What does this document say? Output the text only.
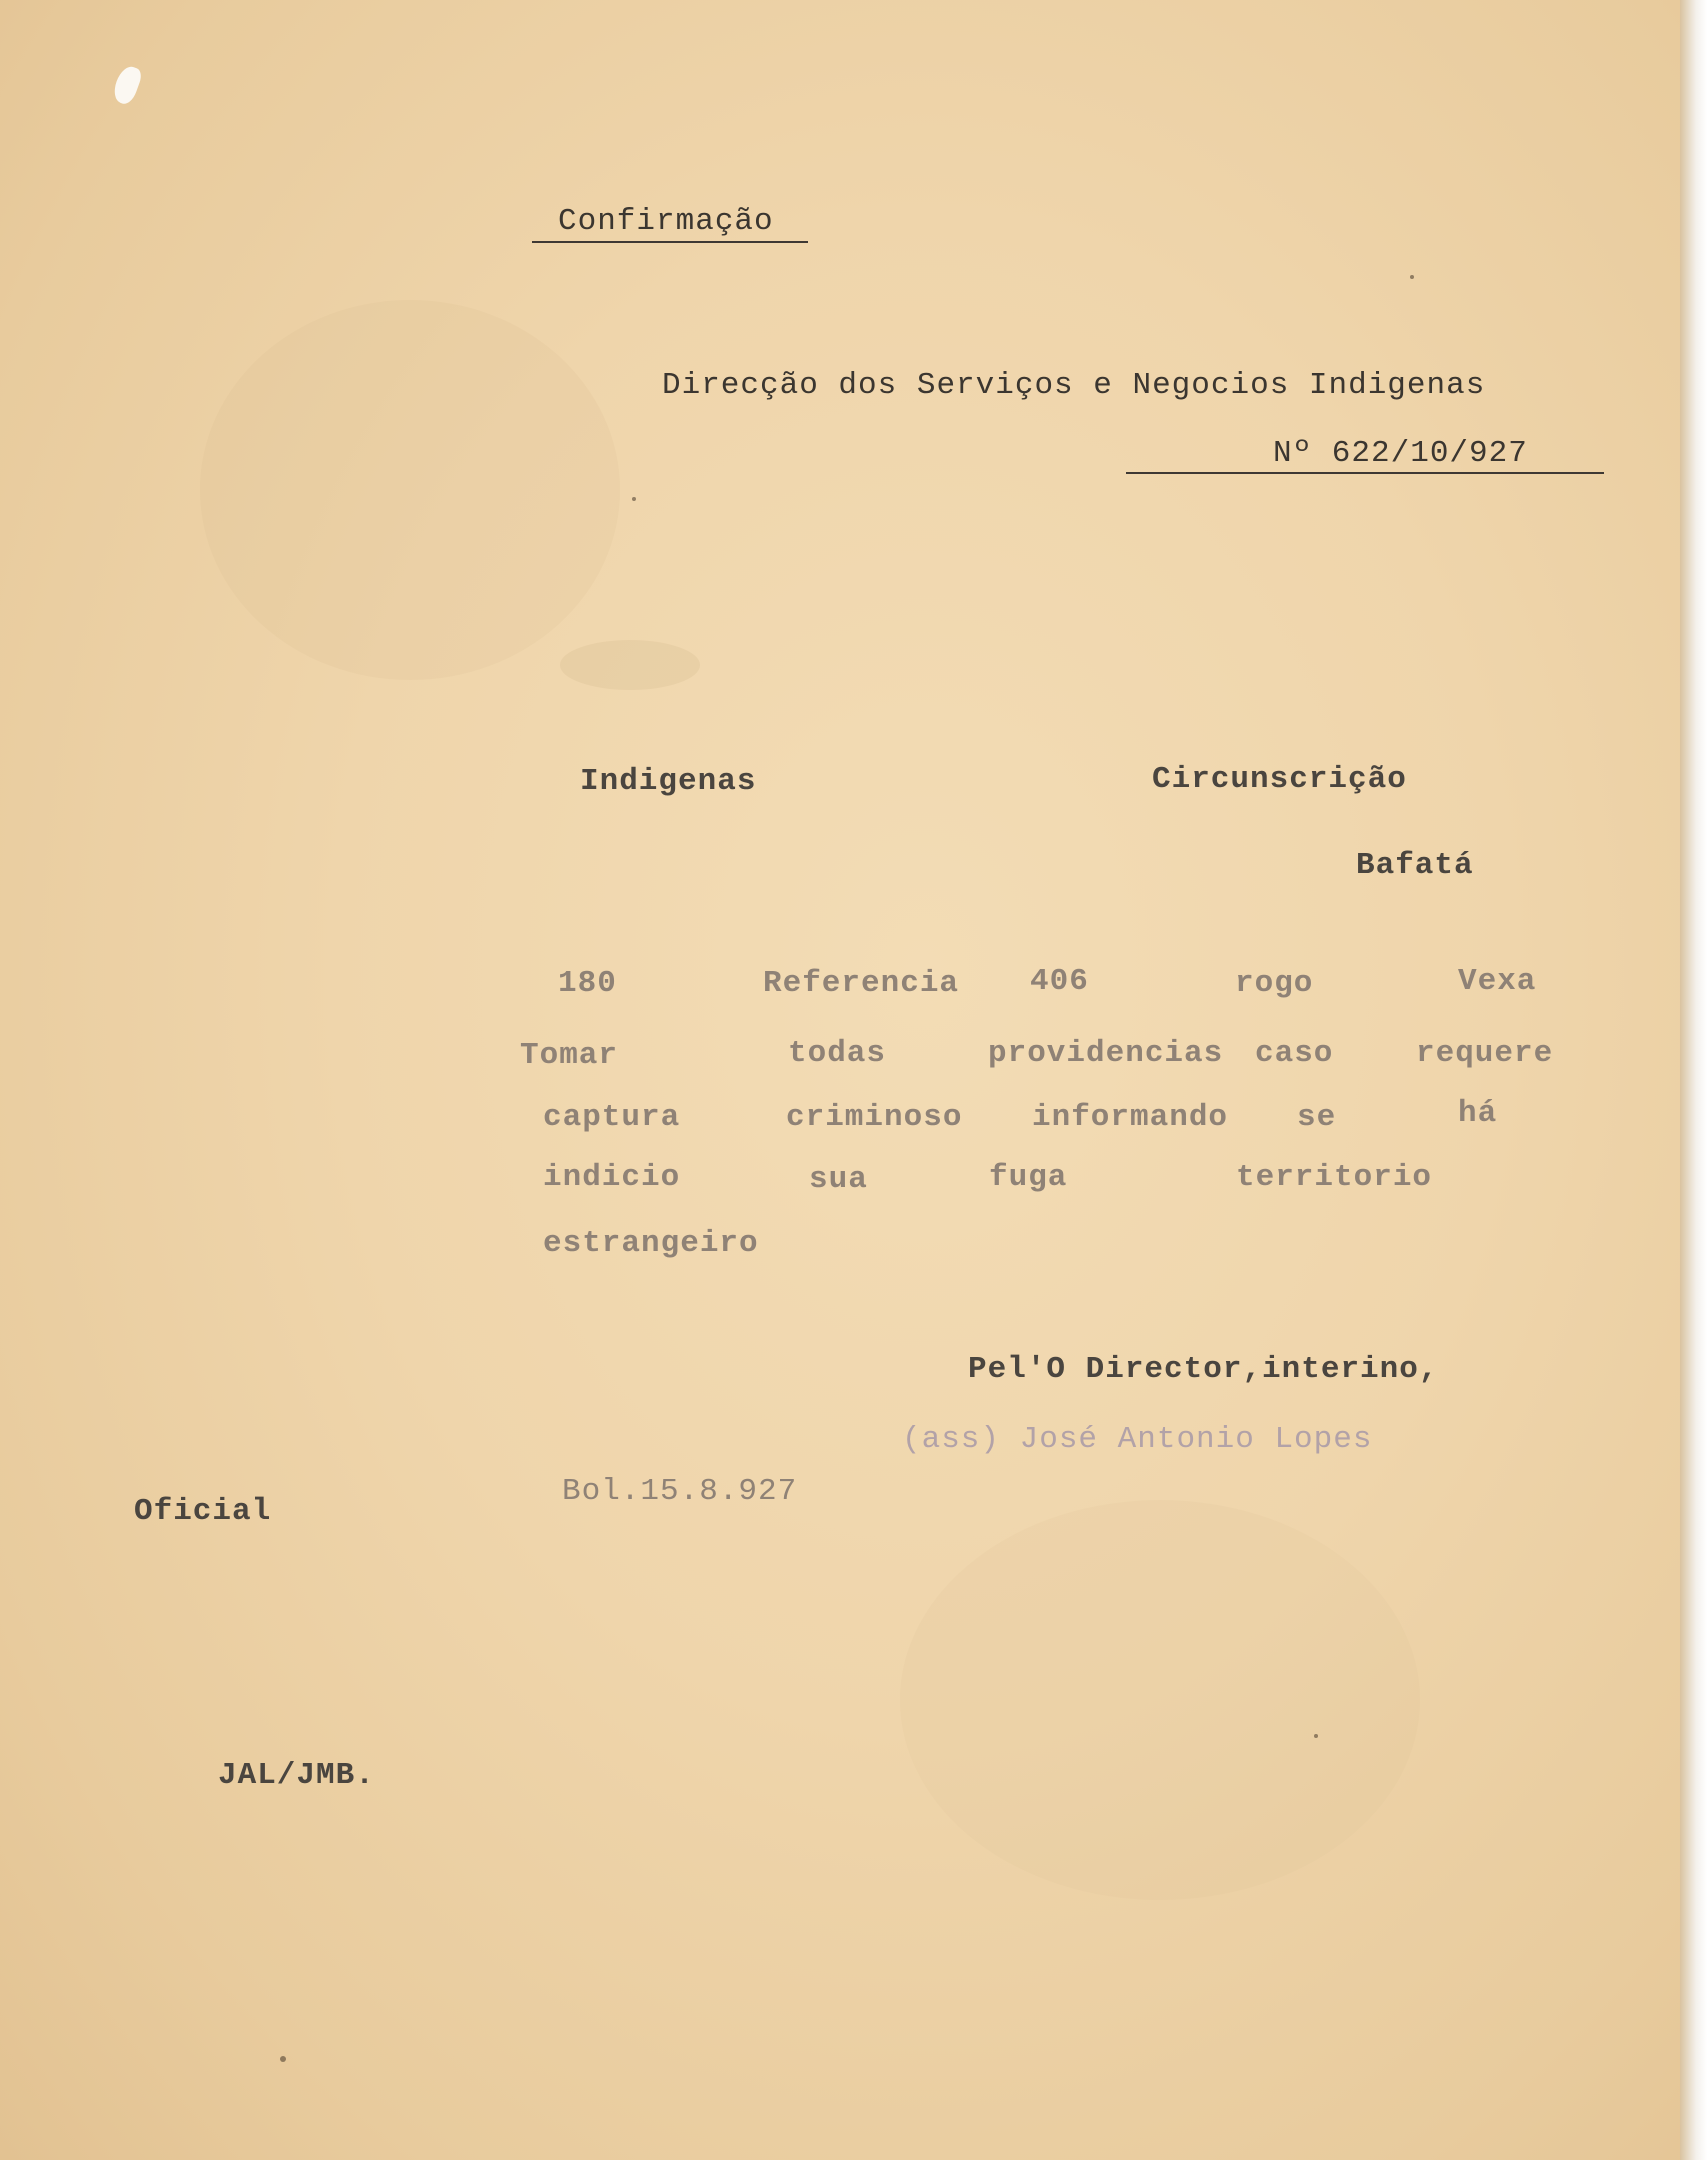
Confirmação
Direcção dos Serviços e Negocios Indigenas
Nº 622/10/927
Indigenas	Circunscrição
Bafatá
180	Referencia 406	rogo	Vexa
Tomar	todas	providencias caso	requere
captura	criminoso informando se	há
indicio	sua	fuga	territorio
estrangeiro
Pel'O Director,interino,
(ass) José Antonio Lopes
Bol.15.8.927
Oficial
JAL/JMB.
